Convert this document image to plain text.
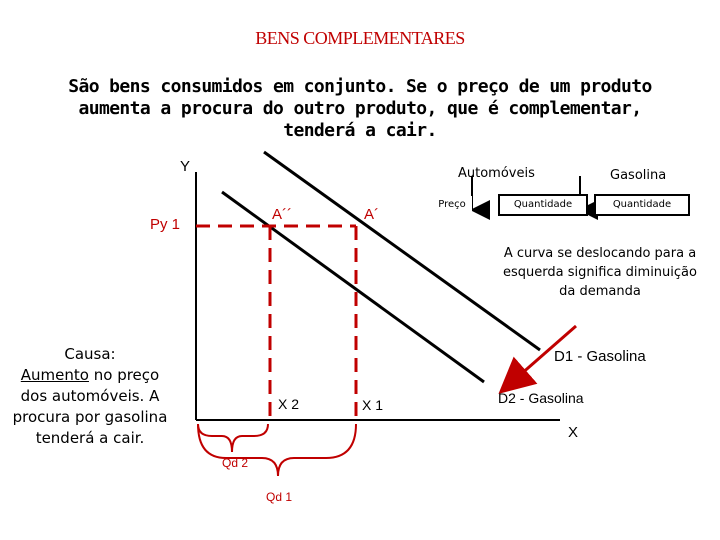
BENS COMPLEMENTARES
São bens consumidos em conjunto. Se o preço de um produto aumenta a procura do outro produto, que é complementar, tenderá a cair.
Y
X
Py 1
A´´	A´
X 2	X 1
Qd 2
Qd 1
D1 - Gasolina
D2 - Gasolina
Automóveis	Gasolina
Preço	Quantidade	Quantidade
A curva se deslocando para a esquerda significa diminuição da demanda
Causa:
Aumento no preço dos automóveis. A procura por gasolina tenderá a cair.
